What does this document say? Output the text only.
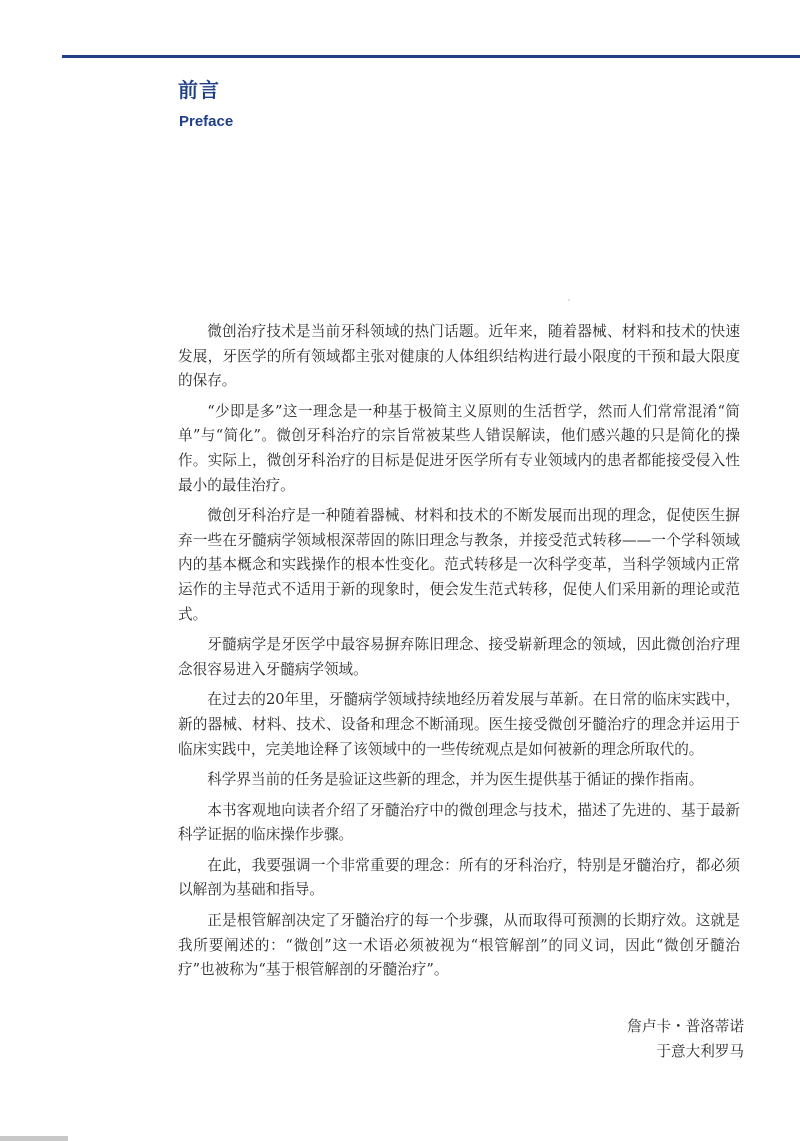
前言
Preface

微创治疗技术是当前牙科领域的热门话题。近年来，随着器械、材料和技术的快速发展，牙医学的所有领域都主张对健康的人体组织结构进行最小限度的干预和最大限度的保存。

“少即是多”这一理念是一种基于极简主义原则的生活哲学，然而人们常常混淆“简单”与“简化”。微创牙科治疗的宗旨常被某些人错误解读，他们感兴趣的只是简化的操作。实际上，微创牙科治疗的目标是促进牙医学所有专业领域内的患者都能接受侵入性最小的最佳治疗。

微创牙科治疗是一种随着器械、材料和技术的不断发展而出现的理念，促使医生摒弃一些在牙髓病学领域根深蒂固的陈旧理念与教条，并接受范式转移——一个学科领域内的基本概念和实践操作的根本性变化。范式转移是一次科学变革，当科学领域内正常运作的主导范式不适用于新的现象时，便会发生范式转移，促使人们采用新的理论或范式。

牙髓病学是牙医学中最容易摒弃陈旧理念、接受崭新理念的领域，因此微创治疗理念很容易进入牙髓病学领域。

在过去的20年里，牙髓病学领域持续地经历着发展与革新。在日常的临床实践中，新的器械、材料、技术、设备和理念不断涌现。医生接受微创牙髓治疗的理念并运用于临床实践中，完美地诠释了该领域中的一些传统观点是如何被新的理念所取代的。

科学界当前的任务是验证这些新的理念，并为医生提供基于循证的操作指南。

本书客观地向读者介绍了牙髓治疗中的微创理念与技术，描述了先进的、基于最新科学证据的临床操作步骤。

在此，我要强调一个非常重要的理念：所有的牙科治疗，特别是牙髓治疗，都必须以解剖为基础和指导。

正是根管解剖决定了牙髓治疗的每一个步骤，从而取得可预测的长期疗效。这就是我所要阐述的：“微创”这一术语必须被视为“根管解剖”的同义词，因此“微创牙髓治疗”也被称为“基于根管解剖的牙髓治疗”。

詹卢卡・普洛蒂诺
于意大利罗马
